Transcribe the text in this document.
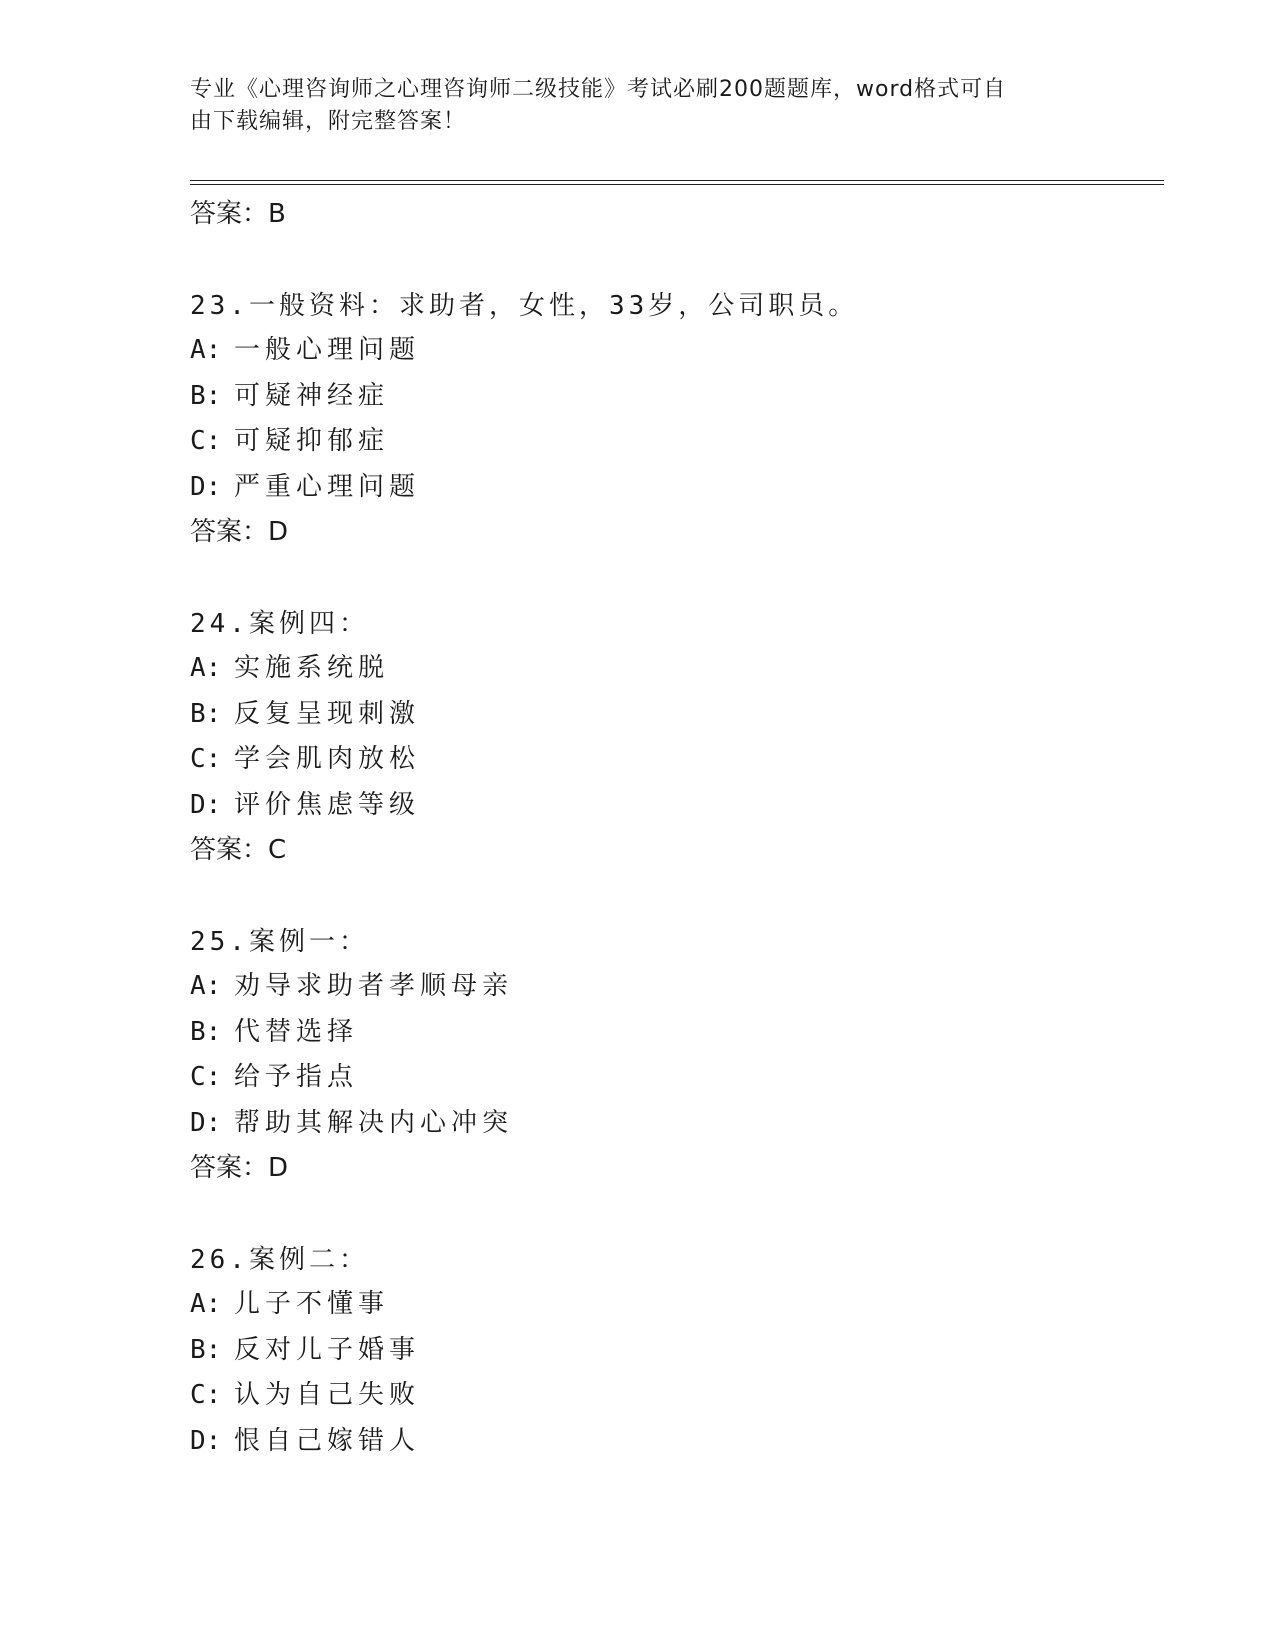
专业《心理咨询师之心理咨询师二级技能》考试必刷200题题库，word格式可自
由下载编辑，附完整答案！
答案：B
23.一般资料：求助者，女性，33岁，公司职员。
A: 一般心理问题
B: 可疑神经症
C: 可疑抑郁症
D: 严重心理问题
答案：D
24.案例四：
A: 实施系统脱
B: 反复呈现刺激
C: 学会肌肉放松
D: 评价焦虑等级
答案：C
25.案例一：
A: 劝导求助者孝顺母亲
B: 代替选择
C: 给予指点
D: 帮助其解决内心冲突
答案：D
26.案例二：
A: 儿子不懂事
B: 反对儿子婚事
C: 认为自己失败
D: 恨自己嫁错人
